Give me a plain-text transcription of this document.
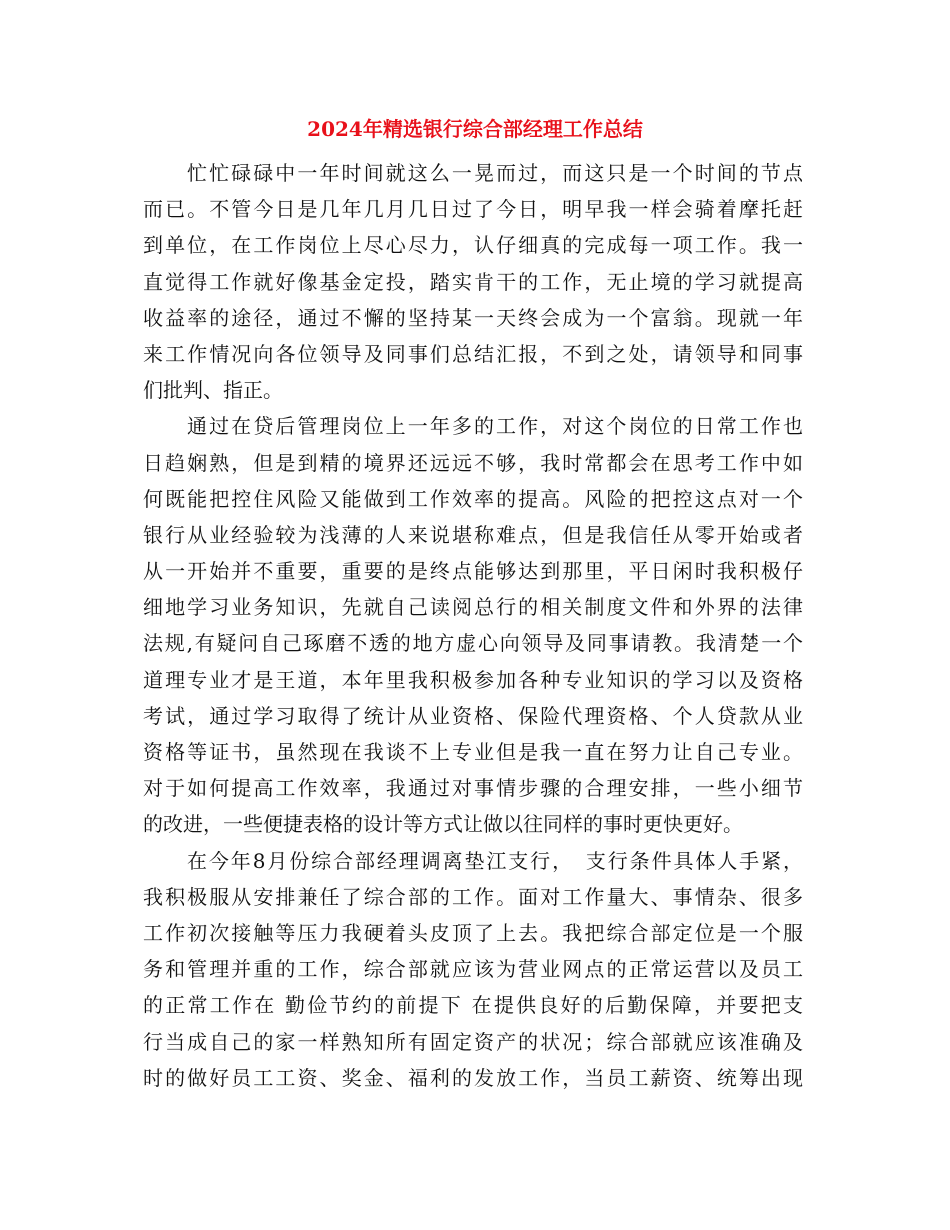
2024年精选银行综合部经理工作总结
忙忙碌碌中一年时间就这么一晃而过，而这只是一个时间的节点
而已。不管今日是几年几月几日过了今日，明早我一样会骑着摩托赶
到单位，在工作岗位上尽心尽力，认仔细真的完成每一项工作。我一
直觉得工作就好像基金定投，踏实肯干的工作，无止境的学习就提高
收益率的途径，通过不懈的坚持某一天终会成为一个富翁。现就一年
来工作情况向各位领导及同事们总结汇报，不到之处，请领导和同事
们批判、指正。
通过在贷后管理岗位上一年多的工作，对这个岗位的日常工作也
日趋娴熟，但是到精的境界还远远不够，我时常都会在思考工作中如
何既能把控住风险又能做到工作效率的提高。风险的把控这点对一个
银行从业经验较为浅薄的人来说堪称难点，但是我信任从零开始或者
从一开始并不重要，重要的是终点能够达到那里，平日闲时我积极仔
细地学习业务知识，先就自己读阅总行的相关制度文件和外界的法律
法规,有疑问自己琢磨不透的地方虚心向领导及同事请教。我清楚一个
道理专业才是王道，本年里我积极参加各种专业知识的学习以及资格
考试，通过学习取得了统计从业资格、保险代理资格、个人贷款从业
资格等证书，虽然现在我谈不上专业但是我一直在努力让自己专业。
对于如何提高工作效率，我通过对事情步骤的合理安排，一些小细节
的改进，一些便捷表格的设计等方式让做以往同样的事时更快更好。
在今年8月份综合部经理调离垫江支行，　支行条件具体人手紧，
我积极服从安排兼任了综合部的工作。面对工作量大、事情杂、很多
工作初次接触等压力我硬着头皮顶了上去。我把综合部定位是一个服
务和管理并重的工作，综合部就应该为营业网点的正常运营以及员工
的正常工作在 勤俭节约的前提下 在提供良好的后勤保障，并要把支
行当成自己的家一样熟知所有固定资产的状况；综合部就应该准确及
时的做好员工工资、奖金、福利的发放工作，当员工薪资、统筹出现
